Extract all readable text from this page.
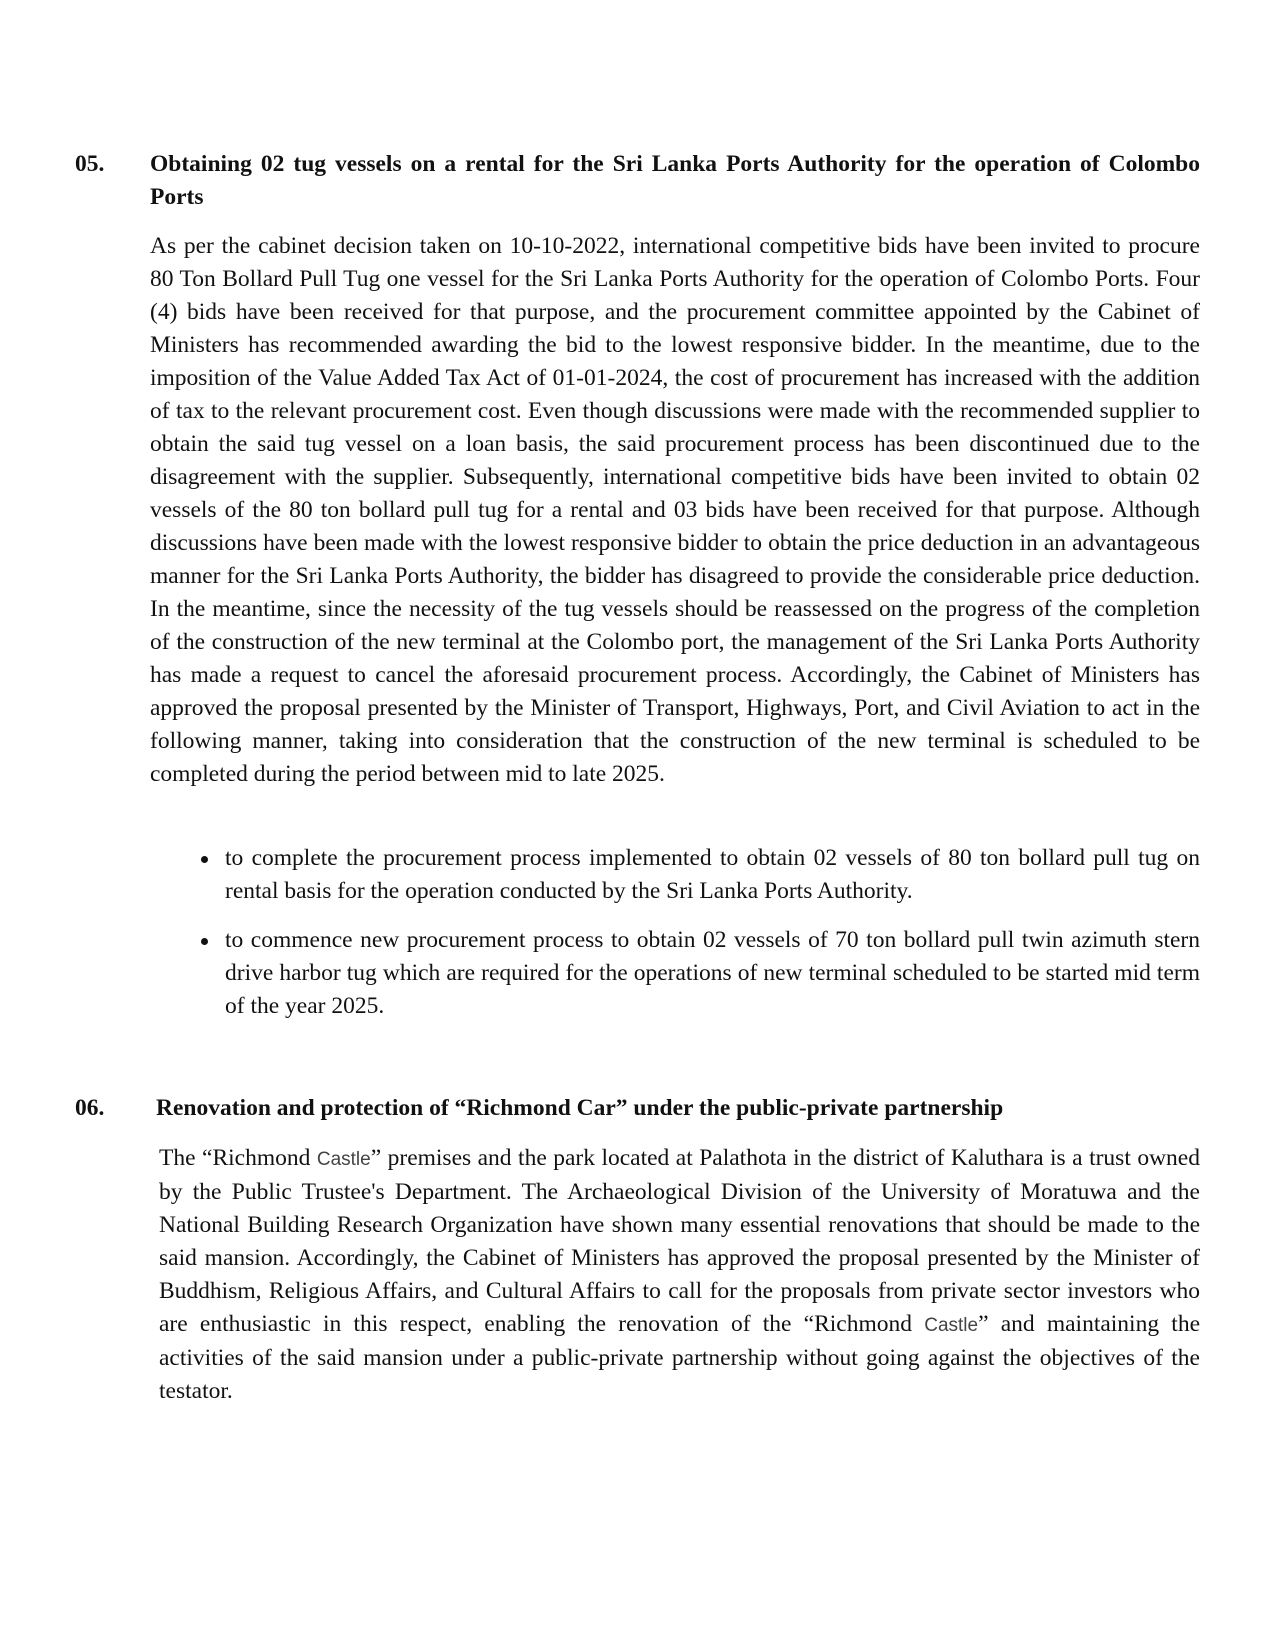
05. Obtaining 02 tug vessels on a rental for the Sri Lanka Ports Authority for the operation of Colombo Ports

As per the cabinet decision taken on 10-10-2022, international competitive bids have been invited to procure 80 Ton Bollard Pull Tug one vessel for the Sri Lanka Ports Authority for the operation of Colombo Ports. Four (4) bids have been received for that purpose, and the procurement committee appointed by the Cabinet of Ministers has recommended awarding the bid to the lowest responsive bidder. In the meantime, due to the imposition of the Value Added Tax Act of 01-01-2024, the cost of procurement has increased with the addition of tax to the relevant procurement cost. Even though discussions were made with the recommended supplier to obtain the said tug vessel on a loan basis, the said procurement process has been discontinued due to the disagreement with the supplier. Subsequently, international competitive bids have been invited to obtain 02 vessels of the 80 ton bollard pull tug for a rental and 03 bids have been received for that purpose. Although discussions have been made with the lowest responsive bidder to obtain the price deduction in an advantageous manner for the Sri Lanka Ports Authority, the bidder has disagreed to provide the considerable price deduction. In the meantime, since the necessity of the tug vessels should be reassessed on the progress of the completion of the construction of the new terminal at the Colombo port, the management of the Sri Lanka Ports Authority has made a request to cancel the aforesaid procurement process. Accordingly, the Cabinet of Ministers has approved the proposal presented by the Minister of Transport, Highways, Port, and Civil Aviation to act in the following manner, taking into consideration that the construction of the new terminal is scheduled to be completed during the period between mid to late 2025.

to complete the procurement process implemented to obtain 02 vessels of 80 ton bollard pull tug on rental basis for the operation conducted by the Sri Lanka Ports Authority.
to commence new procurement process to obtain 02 vessels of 70 ton bollard pull twin azimuth stern drive harbor tug which are required for the operations of new terminal scheduled to be started mid term of the year 2025.
06. Renovation and protection of “Richmond Car” under the public-private partnership

The “Richmond Castle” premises and the park located at Palathota in the district of Kaluthara is a trust owned by the Public Trustee's Department. The Archaeological Division of the University of Moratuwa and the National Building Research Organization have shown many essential renovations that should be made to the said mansion. Accordingly, the Cabinet of Ministers has approved the proposal presented by the Minister of Buddhism, Religious Affairs, and Cultural Affairs to call for the proposals from private sector investors who are enthusiastic in this respect, enabling the renovation of the “Richmond Castle” and maintaining the activities of the said mansion under a public-private partnership without going against the objectives of the testator.
